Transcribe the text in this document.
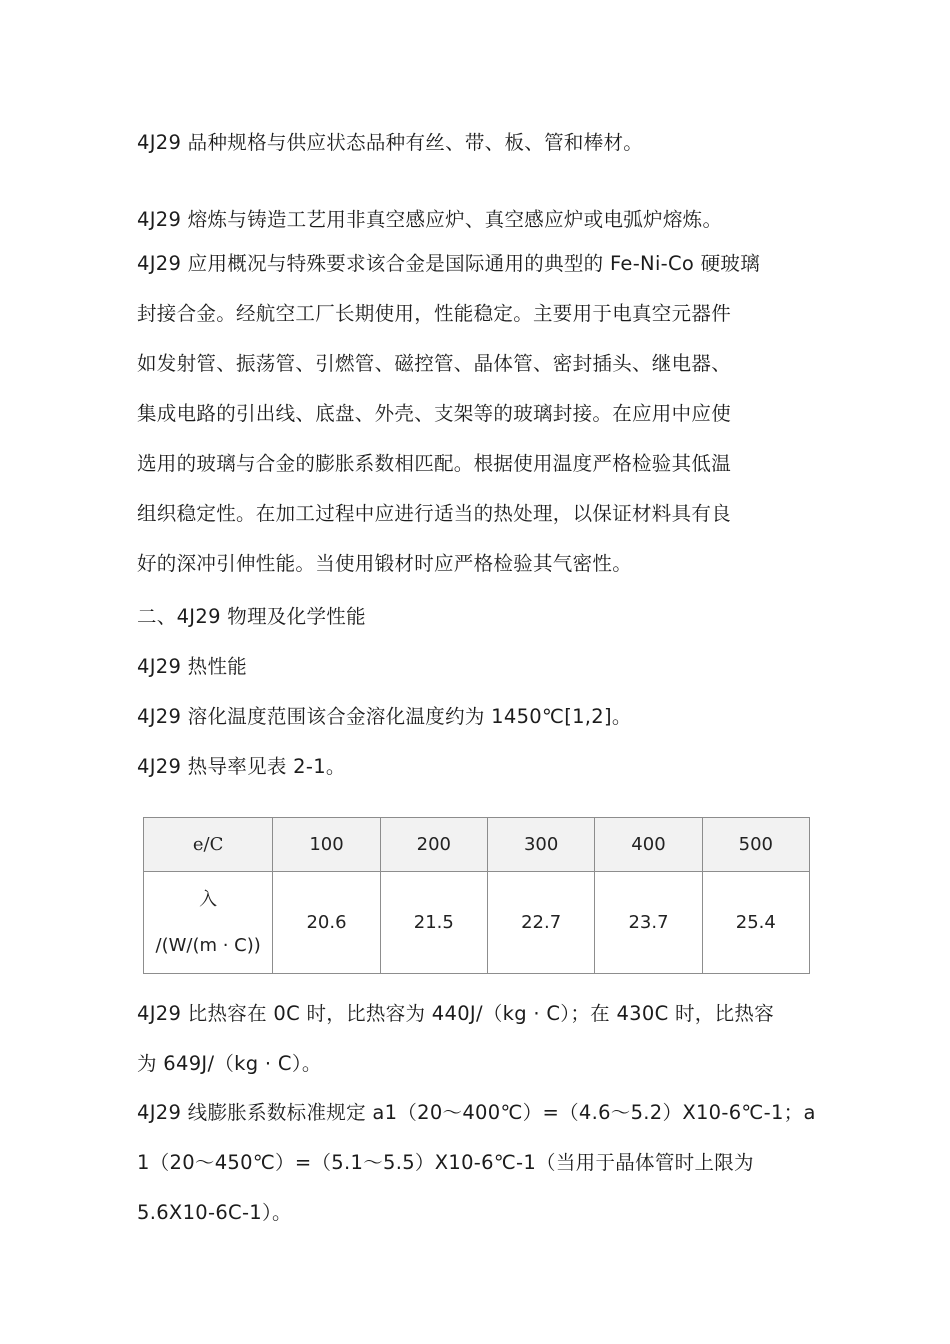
4J29 品种规格与供应状态品种有丝、带、板、管和棒材。

4J29 熔炼与铸造工艺用非真空感应炉、真空感应炉或电弧炉熔炼。

4J29 应用概况与特殊要求该合金是国际通用的典型的 Fe-Ni-Co 硬玻璃
封接合金。经航空工厂长期使用，性能稳定。主要用于电真空元器件
如发射管、振荡管、引燃管、磁控管、晶体管、密封插头、继电器、
集成电路的引出线、底盘、外壳、支架等的玻璃封接。在应用中应使
选用的玻璃与合金的膨胀系数相匹配。根据使用温度严格检验其低温
组织稳定性。在加工过程中应进行适当的热处理，以保证材料具有良
好的深冲引伸性能。当使用锻材时应严格检验其气密性。

二、4J29 物理及化学性能

4J29 热性能

4J29 溶化温度范围该合金溶化温度约为 1450℃[1,2]。

4J29 热导率见表 2-1。

e/C	100	200	300	400	500

入
/(W/(m · C))	20.6	21.5	22.7	23.7	25.4
4J29 比热容在 0C 时，比热容为 440J/（kg · C）；在 430C 时，比热容
为 649J/（kg · C）。
4J29 线膨胀系数标准规定 a1（20〜400℃）=（4.6〜5.2）X10-6℃-1；a
1（20〜450℃）=（5.1〜5.5）X10-6℃-1（当用于晶体管时上限为
5.6X10-6C-1）。
